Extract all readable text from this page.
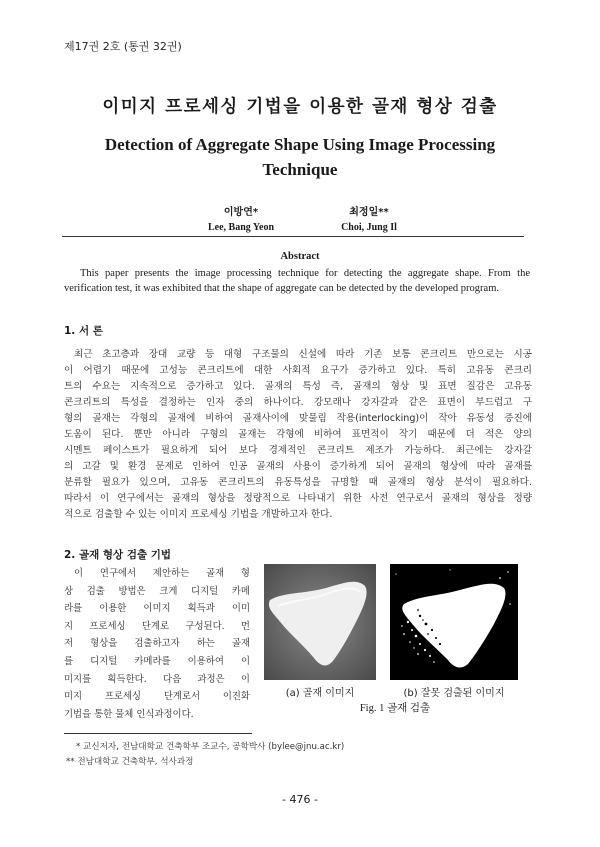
제17권 2호 (통권 32권)
이미지 프로세싱 기법을 이용한 골재 형상 검출
Detection of Aggregate Shape Using Image Processing Technique
이방연*
Lee, Bang Yeon
최정일**
Choi, Jung Il
Abstract
This paper presents the image processing technique for detecting the aggregate shape. From the verification test, it was exhibited that the shape of aggregate can be detected by the developed program.
1. 서 론
최근 초고층과 장대 교량 등 대형 구조물의 신설에 따라 기존 보통 콘크리트 만으로는 시공
이 어렵기 때문에 고성능 콘크리트에 대한 사회적 요구가 증가하고 있다. 특히 고유동 콘크리
트의 수요는 지속적으로 증가하고 있다. 골재의 특성 즉, 골재의 형상 및 표면 질감은 고유동
콘크리트의 특성을 결정하는 인자 중의 하나이다. 강모래나 강자갈과 같은 표면이 부드럽고 구
형의 골재는 각형의 골재에 비하여 골재사이에 맞물림 작용(interlocking)이 작아 유동성 증진에
도움이 된다. 뿐만 아니라 구형의 골재는 각형에 비하여 표면적이 작기 때문에 더 적은 양의
시멘트 페이스트가 필요하게 되어 보다 경제적인 콘크리트 제조가 가능하다. 최근에는 강자갈
의 고갈 및 환경 문제로 인하여 인공 골재의 사용이 증가하게 되어 골재의 형상에 따라 골재를
분류할 필요가 있으며, 고유동 콘크리트의 유동특성을 규명할 때 골재의 형상 분석이 필요하다.
따라서 이 연구에서는 골재의 형상을 정량적으로 나타내기 위한 사전 연구로서 골재의 형상을 정량
적으로 검출할 수 있는 이미지 프로세싱 기법을 개발하고자 한다.
2. 골재 형상 검출 기법
이 연구에서 제안하는 골재 형
상 검출 방법은 크게 디지털 카메
라를 이용한 이미지 획득과 이미
지 프로세싱 단계로 구성된다. 먼
저 형상을 검출하고자 하는 골재
를 디지털 카메라를 이용하여 이
미지를 획득한다. 다음 과정은 이
미지 프로세싱 단계로서 이진화
기법을 통한 물체 인식과정이다.
(a) 골재 이미지	(b) 잘못 검출된 이미지
Fig. 1 골재 검출
* 교신저자, 전남대학교 건축학부 조교수, 공학박사 (bylee@jnu.ac.kr)
** 전남대학교 건축학부, 석사과정
- 476 -
